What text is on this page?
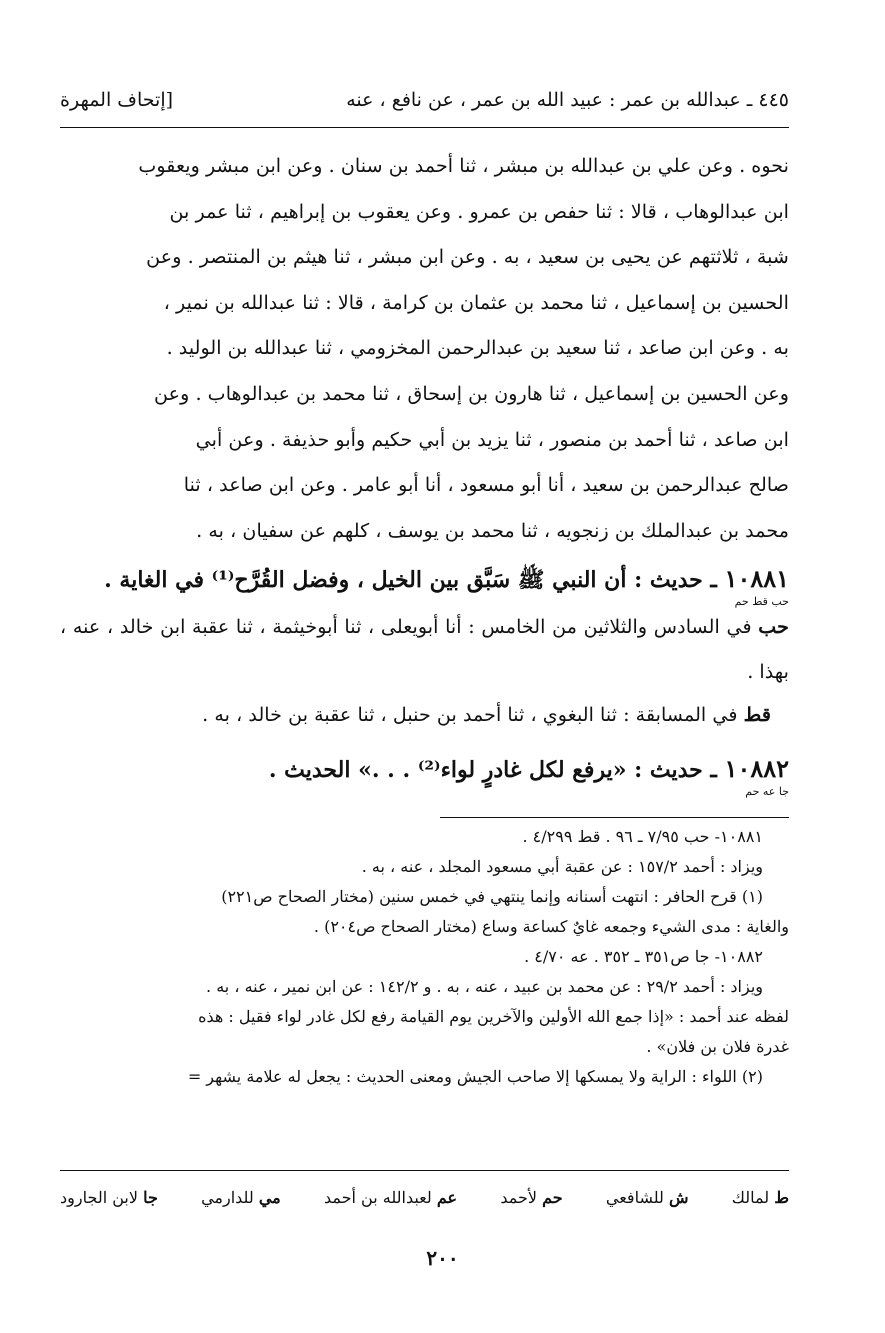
٤٤٥ ـ عبدالله بن عمر : عبيد الله بن عمر ، عن نافع ، عنه
[إتحاف المهرة

نحوه . وعن علي بن عبدالله بن مبشر ، ثنا أحمد بن سنان . وعن ابن مبشر ويعقوب

ابن عبدالوهاب ، قالا : ثنا حفص بن عمرو . وعن يعقوب بن إبراهيم ، ثنا عمر بن

شبة ، ثلاثتهم عن يحيى بن سعيد ، به . وعن ابن مبشر ، ثنا هيثم بن المنتصر . وعن

الحسين بن إسماعيل ، ثنا محمد بن عثمان بن كرامة ، قالا : ثنا عبدالله بن نمير ،

به . وعن ابن صاعد ، ثنا سعيد بن عبدالرحمن المخزومي ، ثنا عبدالله بن الوليد .

وعن الحسين بن إسماعيل ، ثنا هارون بن إسحاق ، ثنا محمد بن عبدالوهاب . وعن

ابن صاعد ، ثنا أحمد بن منصور ، ثنا يزيد بن أبي حكيم وأبو حذيفة . وعن أبي

صالح عبدالرحمن بن سعيد ، أنا أبو مسعود ، أنا أبو عامر . وعن ابن صاعد ، ثنا

محمد بن عبدالملك بن زنجويه ، ثنا محمد بن يوسف ، كلهم عن سفيان ، به .

١٠٨٨١ ـ حديث : أن النبي ﷺ سَبَّق بين الخيل ، وفضل القُرَّح⁽¹⁾ في الغاية .
حب قط حم
حب في السادس والثلاثين من الخامس : أنا أبويعلى ، ثنا أبوخيثمة ، ثنا عقبة ابن خالد ، عنه ، بهذا .
قط في المسابقة : ثنا البغوي ، ثنا أحمد بن حنبل ، ثنا عقبة بن خالد ، به .
١٠٨٨٢ ـ حديث : «يرفع لكل غادرٍ لواء⁽²⁾ . . .» الحديث .
جا عه حم
١٠٨٨١- حب ٧/٩٥ ـ ٩٦ . قط ٤/٢٩٩ .
ويزاد : أحمد ١٥٧/٢ : عن عقبة أبي مسعود المجلد ، عنه ، به .
(١) قرح الحافر : انتهت أسنانه وإنما ينتهي في خمس سنين (مختار الصحاح ص٢٢١)
والغاية : مدى الشيء وجمعه غايٌ كساعة وساع (مختار الصحاح ص٢٠٤) .
١٠٨٨٢- جا ص٣٥١ ـ ٣٥٢ . عه ٤/٧٠ .
ويزاد : أحمد ٢٩/٢ : عن محمد بن عبيد ، عنه ، به . و ١٤٢/٢ : عن ابن نمير ، عنه ، به .
لفظه عند أحمد : «إذا جمع الله الأولين والآخرين يوم القيامة رفع لكل غادر لواء فقيل : هذه
غدرة فلان بن فلان» .
(٢) اللواء : الراية ولا يمسكها إلا صاحب الجيش ومعنى الحديث : يجعل له علامة يشهر =
ط لمالك
ش للشافعي
حم لأحمد
عم لعبدالله بن أحمد
مي للدارمي
جا لابن الجارود
٢٠٠
